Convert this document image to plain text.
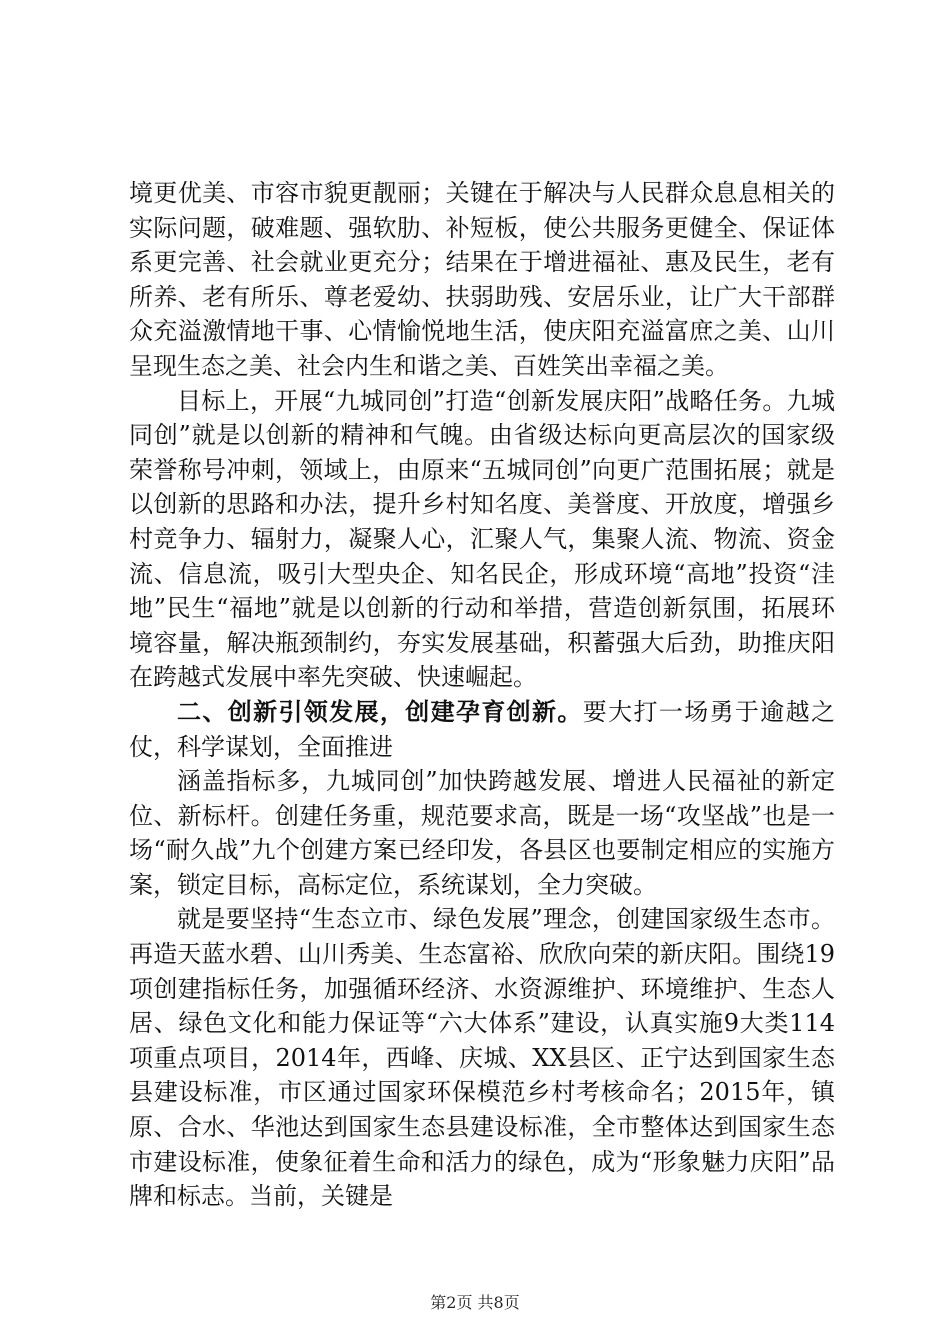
境更优美、市容市貌更靓丽；关键在于解决与人民群众息息相关的实际问题，破难题、强软肋、补短板，使公共服务更健全、保证体系更完善、社会就业更充分；结果在于增进福祉、惠及民生，老有所养、老有所乐、尊老爱幼、扶弱助残、安居乐业，让广大干部群众充溢激情地干事、心情愉悦地生活，使庆阳充溢富庶之美、山川呈现生态之美、社会内生和谐之美、百姓笑出幸福之美。

目标上，开展“九城同创”打造“创新发展庆阳”战略任务。九城同创”就是以创新的精神和气魄。由省级达标向更高层次的国家级荣誉称号冲刺，领域上，由原来“五城同创”向更广范围拓展；就是以创新的思路和办法，提升乡村知名度、美誉度、开放度，增强乡村竞争力、辐射力，凝聚人心，汇聚人气，集聚人流、物流、资金流、信息流，吸引大型央企、知名民企，形成环境“高地”投资“洼地”民生“福地”就是以创新的行动和举措，营造创新氛围，拓展环境容量，解决瓶颈制约，夯实发展基础，积蓄强大后劲，助推庆阳在跨越式发展中率先突破、快速崛起。

二、创新引领发展，创建孕育创新。要大打一场勇于逾越之仗，科学谋划，全面推进

涵盖指标多，九城同创”加快跨越发展、增进人民福祉的新定位、新标杆。创建任务重，规范要求高，既是一场“攻坚战”也是一场“耐久战”九个创建方案已经印发，各县区也要制定相应的实施方案，锁定目标，高标定位，系统谋划，全力突破。

就是要坚持“生态立市、绿色发展”理念，创建国家级生态市。再造天蓝水碧、山川秀美、生态富裕、欣欣向荣的新庆阳。围绕19项创建指标任务，加强循环经济、水资源维护、环境维护、生态人居、绿色文化和能力保证等“六大体系”建设，认真实施9大类114项重点项目，2014年，西峰、庆城、XX县区、正宁达到国家生态县建设标准，市区通过国家环保模范乡村考核命名；2015年，镇原、合水、华池达到国家生态县建设标准，全市整体达到国家生态市建设标准，使象征着生命和活力的绿色，成为“形象魅力庆阳”品牌和标志。当前，关键是

第2页 共8页
